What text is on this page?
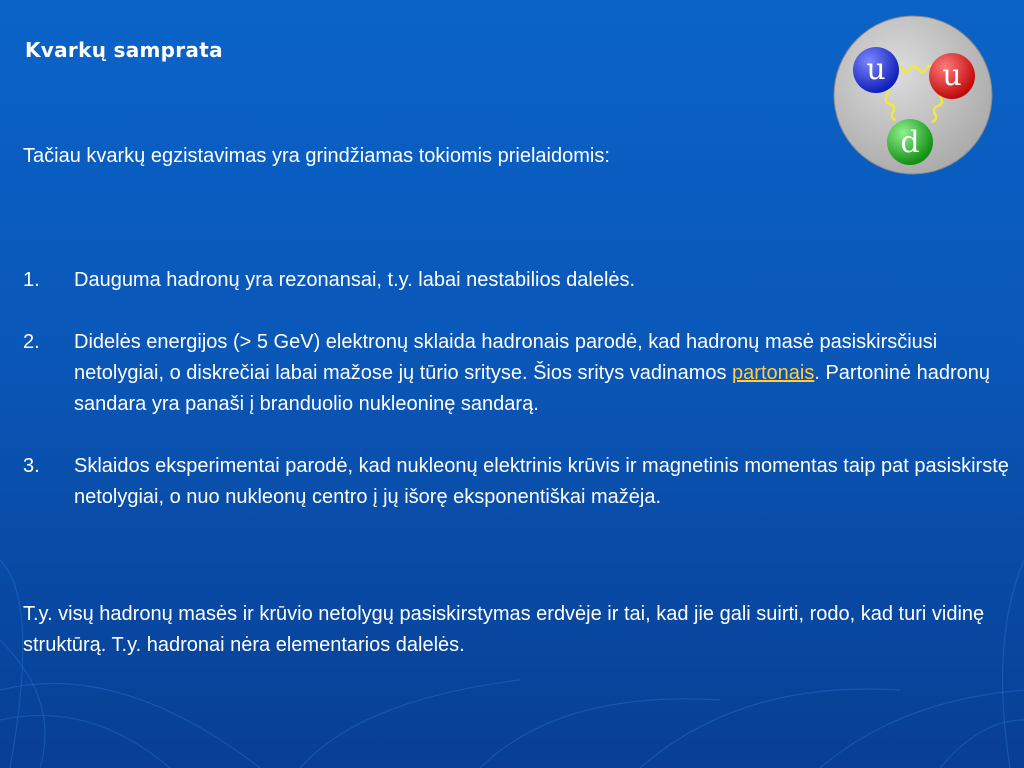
Kvarkų samprata
Tačiau kvarkų egzistavimas yra grindžiamas tokiomis prielaidomis:
1.	Dauguma hadronų yra rezonansai, t.y. labai nestabilios dalelės.
2.	Didelės energijos (> 5 GeV) elektronų sklaida hadronais parodė, kad hadronų masė pasiskirsčiusi netolygiai, o diskrečiai labai mažose jų tūrio srityse. Šios sritys vadinamos partonais. Partoninė hadronų sandara yra panaši į branduolio nukleoninę sandarą.
3.	Sklaidos eksperimentai parodė, kad nukleonų elektrinis krūvis ir magnetinis momentas taip pat pasiskirstę netolygiai, o nuo nukleonų centro į jų išorę eksponentiškai mažėja.
T.y. visų hadronų masės ir krūvio netolygų pasiskirstymas erdvėje ir tai, kad jie gali suirti, rodo, kad turi vidinę struktūrą. T.y. hadronai nėra elementarios dalelės.
u u
d
